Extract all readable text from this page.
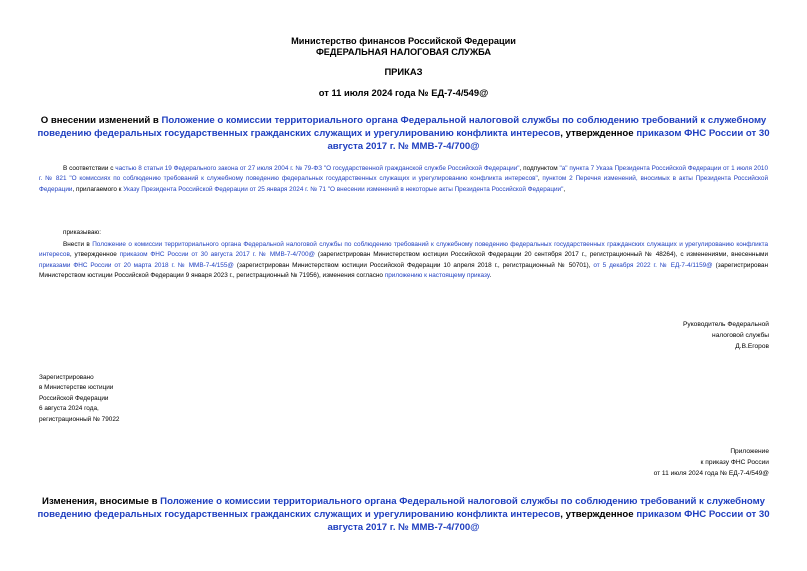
Министерство финансов Российской Федерации
ФЕДЕРАЛЬНАЯ НАЛОГОВАЯ СЛУЖБА
ПРИКАЗ
от 11 июля 2024 года № ЕД-7-4/549@
О внесении изменений в Положение о комиссии территориального органа Федеральной налоговой службы по соблюдению требований к служебному поведению федеральных государственных гражданских служащих и урегулированию конфликта интересов, утвержденное приказом ФНС России от 30 августа 2017 г. № ММВ-7-4/700@
В соответствии с частью 8 статьи 19 Федерального закона от 27 июля 2004 г. № 79-ФЗ "О государственной гражданской службе Российской Федерации", подпунктом "а" пункта 7 Указа Президента Российской Федерации от 1 июля 2010 г. № 821 "О комиссиях по соблюдению требований к служебному поведению федеральных государственных служащих и урегулированию конфликта интересов", пунктом 2 Перечня изменений, вносимых в акты Президента Российской Федерации, прилагаемого к Указу Президента Российской Федерации от 25 января 2024 г. № 71 "О внесении изменений в некоторые акты Президента Российской Федерации",
приказываю:
Внести в Положение о комиссии территориального органа Федеральной налоговой службы по соблюдению требований к служебному поведению федеральных государственных гражданских служащих и урегулированию конфликта интересов, утвержденное приказом ФНС России от 30 августа 2017 г. № ММВ-7-4/700@ (зарегистрирован Министерством юстиции Российской Федерации 20 сентября 2017 г., регистрационный № 48264), с изменениями, внесенными приказами ФНС России от 20 марта 2018 г. № ММВ-7-4/155@ (зарегистрирован Министерством юстиции Российской Федерации 10 апреля 2018 г., регистрационный № 50701), от 5 декабря 2022 г. № ЕД-7-4/1159@ (зарегистрирован Министерством юстиции Российской Федерации 9 января 2023 г., регистрационный № 71956), изменения согласно приложению к настоящему приказу.
Руководитель Федеральной
налоговой службы
Д.В.Егоров
Зарегистрировано
в Министерстве юстиции
Российской Федерации
6 августа 2024 года,
регистрационный № 79022
Приложение
к приказу ФНС России
от 11 июля 2024 года № ЕД-7-4/549@
Изменения, вносимые в Положение о комиссии территориального органа Федеральной налоговой службы по соблюдению требований к служебному поведению федеральных государственных гражданских служащих и урегулированию конфликта интересов, утвержденное приказом ФНС России от 30 августа 2017 г. № ММВ-7-4/700@
